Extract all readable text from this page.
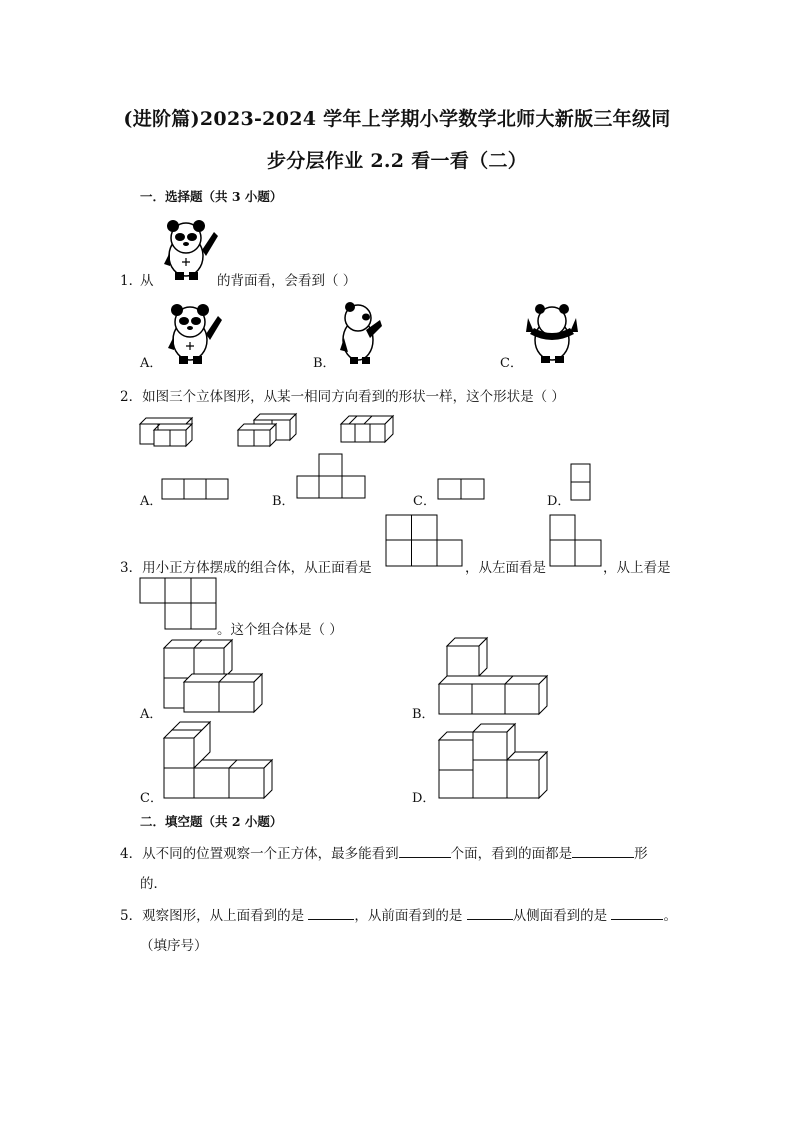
(进阶篇)2023-2024 学年上学期小学数学北师大新版三年级同
步分层作业 2.2 看一看（二）
一．选择题（共 3 小题）
1．
从	的背面看，会看到（ ）
A．	B．	C．
2．如图三个立体图形，从某一相同方向看到的形状一样，这个形状是（ ）
A．	B．	C．	D．
3．用小正方体摆成的组合体，从正面看是	，从左面看是	，从上看是
。这个组合体是（ ）
A．	B．
C．	D．
二．填空题（共 2 小题）
4．从不同的位置观察一个正方体，最多能看到	个面，看到的面都是	形
的．
5．观察图形，从上面看到的是	，从前面看到的是	从侧面看到的是	。
（填序号）
